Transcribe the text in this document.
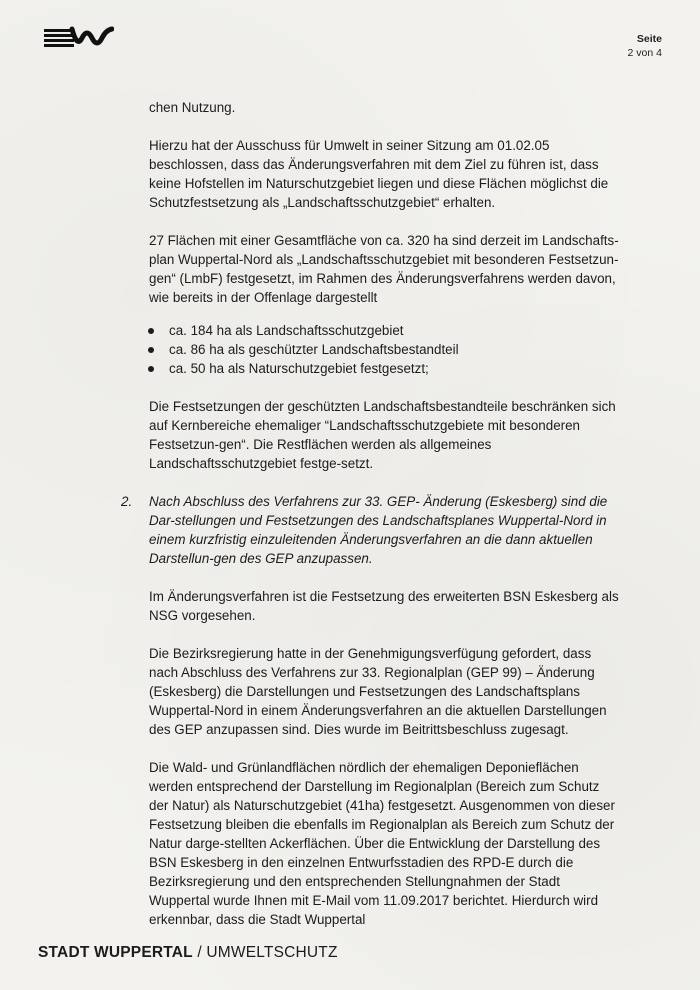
Seite
2 von 4

chen Nutzung.

Hierzu hat der Ausschuss für Umwelt in seiner Sitzung am 01.02.05 beschlossen, dass das Änderungsverfahren mit dem Ziel zu führen ist, dass keine Hofstellen im Naturschutzgebiet liegen und diese Flächen möglichst die Schutzfestsetzung als „Landschaftsschutzgebiet“ erhalten.

27 Flächen mit einer Gesamtfläche von ca. 320 ha sind derzeit im Landschafts-plan Wuppertal-Nord als „Landschaftsschutzgebiet mit besonderen Festsetzun-gen“ (LmbF) festgesetzt, im Rahmen des Änderungsverfahrens werden davon, wie bereits in der Offenlage dargestellt

ca. 184 ha als Landschaftsschutzgebiet
ca. 86 ha als geschützter Landschaftsbestandteil
ca. 50 ha als Naturschutzgebiet festgesetzt;

Die Festsetzungen der geschützten Landschaftsbestandteile beschränken sich auf Kernbereiche ehemaliger “Landschaftsschutzgebiete mit besonderen Festsetzun-gen“. Die Restflächen werden als allgemeines Landschaftsschutzgebiet festge-setzt.

2. Nach Abschluss des Verfahrens zur 33. GEP- Änderung (Eskesberg) sind die Dar-stellungen und Festsetzungen des Landschaftsplanes Wuppertal-Nord in einem kurzfristig einzuleitenden Änderungsverfahren an die dann aktuellen Darstellun-gen des GEP anzupassen.

Im Änderungsverfahren ist die Festsetzung des erweiterten BSN Eskesberg als NSG vorgesehen.

Die Bezirksregierung hatte in der Genehmigungsverfügung gefordert, dass nach Abschluss des Verfahrens zur 33. Regionalplan (GEP 99) – Änderung (Eskesberg) die Darstellungen und Festsetzungen des Landschaftsplans Wuppertal-Nord in einem Änderungsverfahren an die aktuellen Darstellungen des GEP anzupassen sind. Dies wurde im Beitrittsbeschluss zugesagt.

Die Wald- und Grünlandflächen nördlich der ehemaligen Deponieflächen werden entsprechend der Darstellung im Regionalplan (Bereich zum Schutz der Natur) als Naturschutzgebiet (41ha) festgesetzt. Ausgenommen von dieser Festsetzung bleiben die ebenfalls im Regionalplan als Bereich zum Schutz der Natur darge-stellten Ackerflächen. Über die Entwicklung der Darstellung des BSN Eskesberg in den einzelnen Entwurfsstadien des RPD-E durch die Bezirksregierung und den entsprechenden Stellungnahmen der Stadt Wuppertal wurde Ihnen mit E-Mail vom 11.09.2017 berichtet. Hierdurch wird erkennbar, dass die Stadt Wuppertal

STADT WUPPERTAL / UMWELTSCHUTZ
